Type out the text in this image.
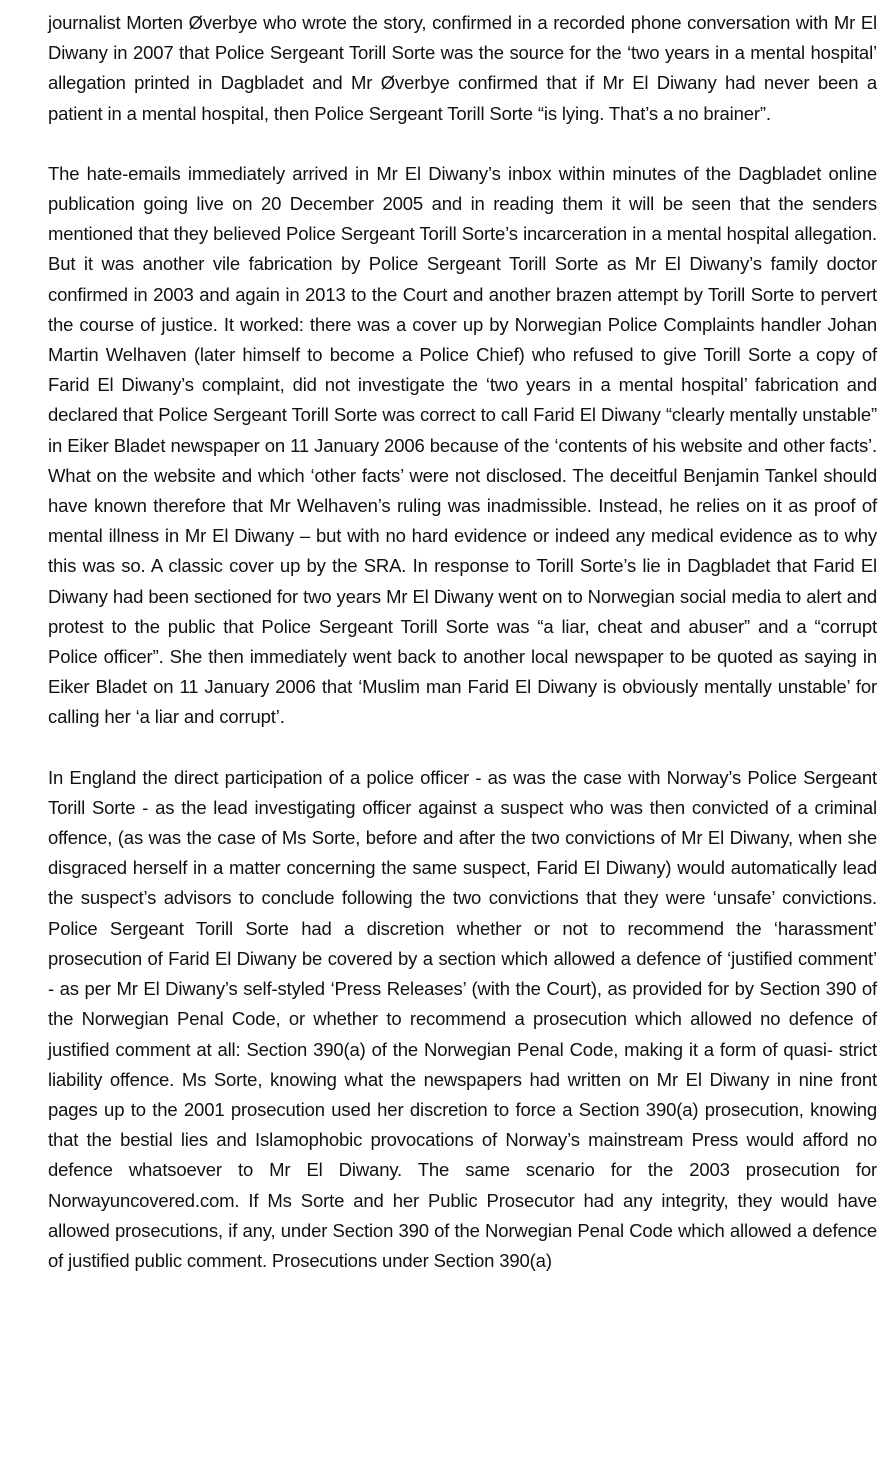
journalist Morten Øverbye who wrote the story, confirmed in a recorded phone conversation with Mr El Diwany in 2007 that Police Sergeant Torill Sorte was the source for the ‘two years in a mental hospital’ allegation printed in Dagbladet and Mr Øverbye confirmed that if Mr El Diwany had never been a patient in a mental hospital, then Police Sergeant Torill Sorte “is lying. That’s a no brainer”.

The hate-emails immediately arrived in Mr El Diwany’s inbox within minutes of the Dagbladet online publication going live on 20 December 2005 and in reading them it will be seen that the senders mentioned that they believed Police Sergeant Torill Sorte’s incarceration in a mental hospital allegation. But it was another vile fabrication by Police Sergeant Torill Sorte as Mr El Diwany’s family doctor confirmed in 2003 and again in 2013 to the Court and another brazen attempt by Torill Sorte to pervert the course of justice. It worked: there was a cover up by Norwegian Police Complaints handler Johan Martin Welhaven (later himself to become a Police Chief) who refused to give Torill Sorte a copy of Farid El Diwany’s complaint, did not investigate the ‘two years in a mental hospital’ fabrication and declared that Police Sergeant Torill Sorte was correct to call Farid El Diwany “clearly mentally unstable” in Eiker Bladet newspaper on 11 January 2006 because of the ‘contents of his website and other facts’. What on the website and which ‘other facts’ were not disclosed. The deceitful Benjamin Tankel should have known therefore that Mr Welhaven’s ruling was inadmissible. Instead, he relies on it as proof of mental illness in Mr El Diwany – but with no hard evidence or indeed any medical evidence as to why this was so. A classic cover up by the SRA. In response to Torill Sorte’s lie in Dagbladet that Farid El Diwany had been sectioned for two years Mr El Diwany went on to Norwegian social media to alert and protest to the public that Police Sergeant Torill Sorte was “a liar, cheat and abuser” and a “corrupt Police officer”. She then immediately went back to another local newspaper to be quoted as saying in Eiker Bladet on 11 January 2006 that ‘Muslim man Farid El Diwany is obviously mentally unstable’ for calling her ‘a liar and corrupt’.

In England the direct participation of a police officer - as was the case with Norway’s Police Sergeant Torill Sorte - as the lead investigating officer against a suspect who was then convicted of a criminal offence, (as was the case of Ms Sorte, before and after the two convictions of Mr El Diwany, when she disgraced herself in a matter concerning the same suspect, Farid El Diwany) would automatically lead the suspect’s advisors to conclude following the two convictions that they were ‘unsafe’ convictions. Police Sergeant Torill Sorte had a discretion whether or not to recommend the ‘harassment’ prosecution of Farid El Diwany be covered by a section which allowed a defence of ‘justified comment’ - as per Mr El Diwany’s self-styled ‘Press Releases’ (with the Court), as provided for by Section 390 of the Norwegian Penal Code, or whether to recommend a prosecution which allowed no defence of justified comment at all: Section 390(a) of the Norwegian Penal Code, making it a form of quasi- strict liability offence. Ms Sorte, knowing what the newspapers had written on Mr El Diwany in nine front pages up to the 2001 prosecution used her discretion to force a Section 390(a) prosecution, knowing that the bestial lies and Islamophobic provocations of Norway’s mainstream Press would afford no defence whatsoever to Mr El Diwany. The same scenario for the 2003 prosecution for Norwayuncovered.com. If Ms Sorte and her Public Prosecutor had any integrity, they would have allowed prosecutions, if any, under Section 390 of the Norwegian Penal Code which allowed a defence of justified public comment. Prosecutions under Section 390(a)
